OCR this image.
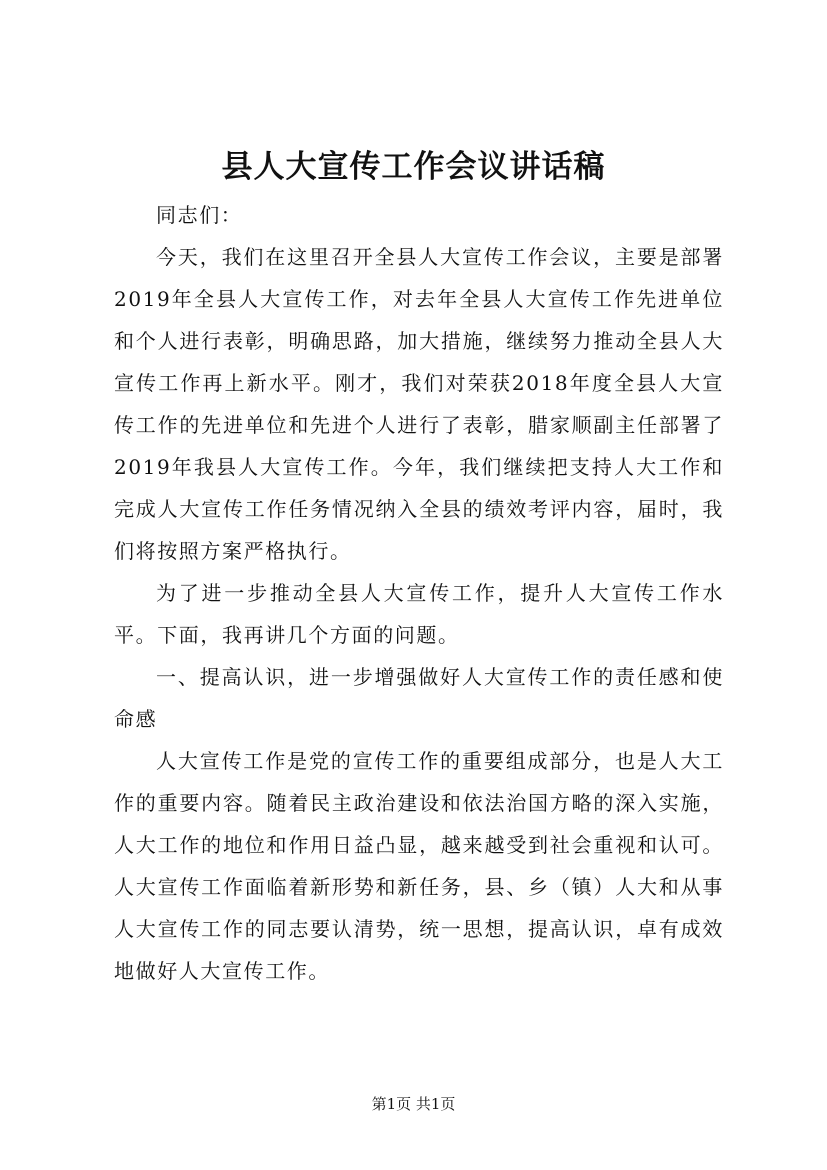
县人大宣传工作会议讲话稿

同志们：

今天，我们在这里召开全县人大宣传工作会议，主要是部署2019年全县人大宣传工作，对去年全县人大宣传工作先进单位和个人进行表彰，明确思路，加大措施，继续努力推动全县人大宣传工作再上新水平。刚才，我们对荣获2018年度全县人大宣传工作的先进单位和先进个人进行了表彰，腊家顺副主任部署了2019年我县人大宣传工作。今年，我们继续把支持人大工作和完成人大宣传工作任务情况纳入全县的绩效考评内容，届时，我们将按照方案严格执行。

为了进一步推动全县人大宣传工作，提升人大宣传工作水平。下面，我再讲几个方面的问题。

一、提高认识，进一步增强做好人大宣传工作的责任感和使命感

人大宣传工作是党的宣传工作的重要组成部分，也是人大工作的重要内容。随着民主政治建设和依法治国方略的深入实施，人大工作的地位和作用日益凸显，越来越受到社会重视和认可。人大宣传工作面临着新形势和新任务，县、乡（镇）人大和从事人大宣传工作的同志要认清势，统一思想，提高认识，卓有成效地做好人大宣传工作。

第1页 共1页
